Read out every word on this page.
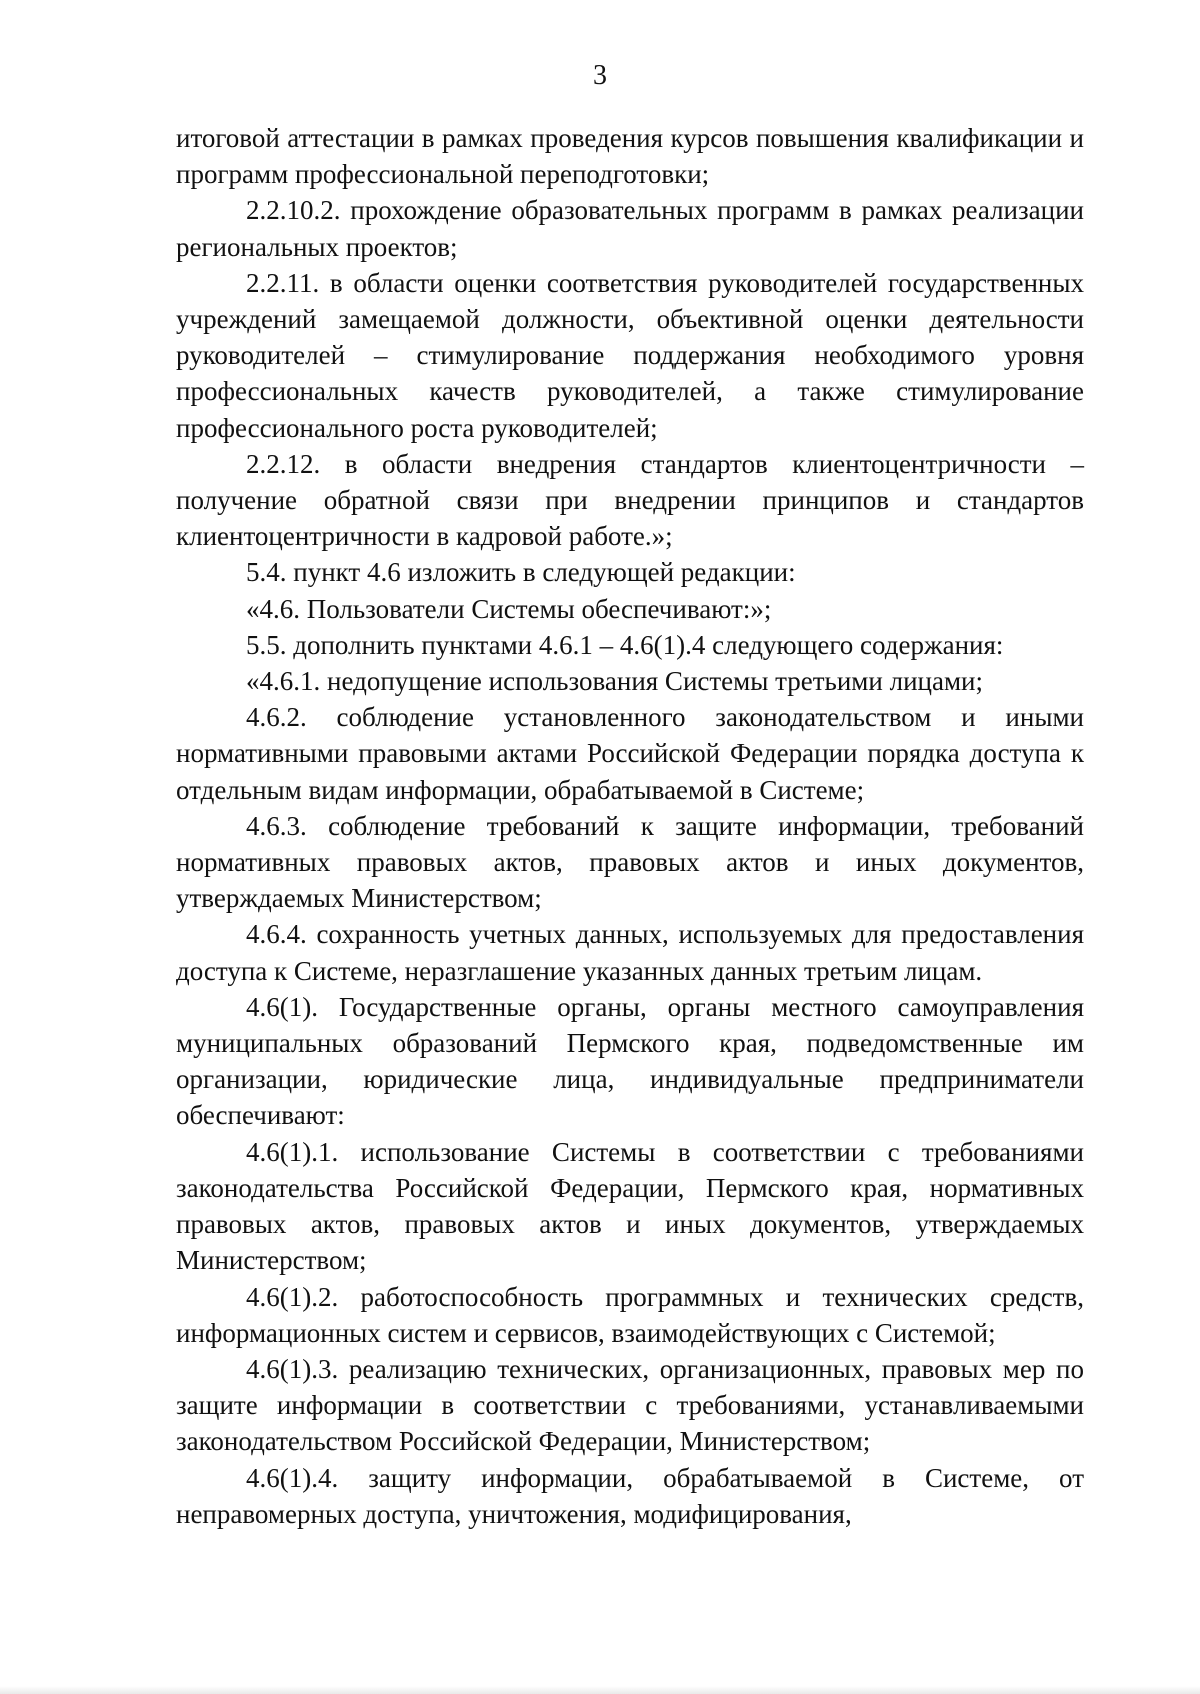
3

итоговой аттестации в рамках проведения курсов повышения квалификации и программ профессиональной переподготовки;

2.2.10.2. прохождение образовательных программ в рамках реализации региональных проектов;

2.2.11. в области оценки соответствия руководителей государственных учреждений замещаемой должности, объективной оценки деятельности руководителей – стимулирование поддержания необходимого уровня профессиональных качеств руководителей, а также стимулирование профессионального роста руководителей;

2.2.12. в области внедрения стандартов клиентоцентричности – получение обратной связи при внедрении принципов и стандартов клиентоцентричности в кадровой работе.»;

5.4. пункт 4.6 изложить в следующей редакции:

«4.6. Пользователи Системы обеспечивают:»;

5.5. дополнить пунктами 4.6.1 – 4.6(1).4 следующего содержания:

«4.6.1. недопущение использования Системы третьими лицами;

4.6.2. соблюдение установленного законодательством и иными нормативными правовыми актами Российской Федерации порядка доступа к отдельным видам информации, обрабатываемой в Системе;

4.6.3. соблюдение требований к защите информации, требований нормативных правовых актов, правовых актов и иных документов, утверждаемых Министерством;

4.6.4. сохранность учетных данных, используемых для предоставления доступа к Системе, неразглашение указанных данных третьим лицам.

4.6(1). Государственные органы, органы местного самоуправления муниципальных образований Пермского края, подведомственные им организации, юридические лица, индивидуальные предприниматели обеспечивают:

4.6(1).1. использование Системы в соответствии с требованиями законодательства Российской Федерации, Пермского края, нормативных правовых актов, правовых актов и иных документов, утверждаемых Министерством;

4.6(1).2. работоспособность программных и технических средств, информационных систем и сервисов, взаимодействующих с Системой;

4.6(1).3. реализацию технических, организационных, правовых мер по защите информации в соответствии с требованиями, устанавливаемыми законодательством Российской Федерации, Министерством;

4.6(1).4. защиту информации, обрабатываемой в Системе, от неправомерных доступа, уничтожения, модифицирования,
